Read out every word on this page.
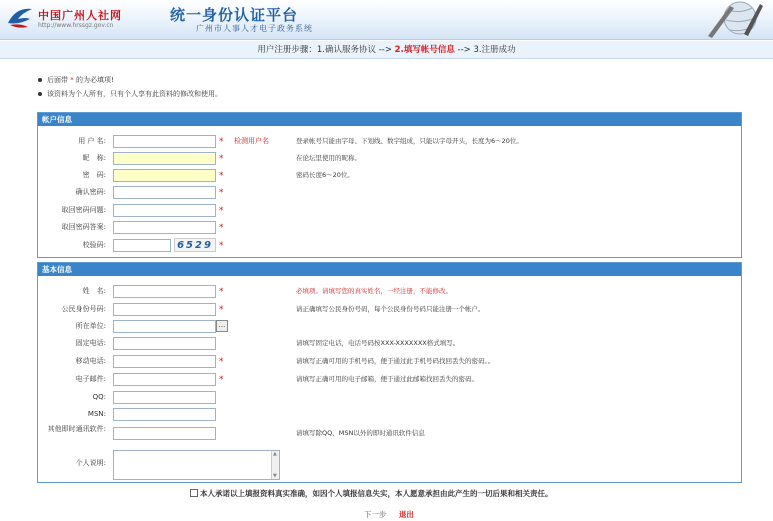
中国广州人社网
http://www.hrssgz.gov.cn
统一身份认证平台
广州市人事人才电子政务系统
用户注册步骤：1.确认服务协议 --> 2.填写帐号信息 --> 3.注册成功
后面带 * 的为必填项!
该资料为个人所有，只有个人享有此资料的修改和使用。
帐户信息
用 户 名:	* 检测用户名	登录帐号只能由字母、下划线、数字组成，只能以字母开头，长度为6～20位。
昵　称:	*	在论坛里使用的昵称。
密　码:	*	密码长度6～20位。
确认密码:	*
取回密码问题:	*
取回密码答案:	*
校验码:	6529 *
基本信息
姓　名:	*	必填项。请填写您的真实姓名，一经注册，不能修改。
公民身份号码:	*	请正确填写公民身份号码，每个公民身份号码只能注册一个帐户。
所在单位:	...
固定电话:	请填写固定电话，电话号码按XXX-XXXXXXX格式填写。
移动电话:	*	请填写正确可用的手机号码，便于通过此手机号码找回丢失的密码。。
电子邮件:	*	请填写正确可用的电子邮箱，便于通过此邮箱找回丢失的密码。
QQ:
MSN:
其他即时通讯软件:	请填写除QQ、MSN以外的即时通讯软件信息
个人说明:
▲ ▼
本人承诺以上填报资料真实准确，如因个人填报信息失实，本人愿意承担由此产生的一切后果和相关责任。
下一步 退出
